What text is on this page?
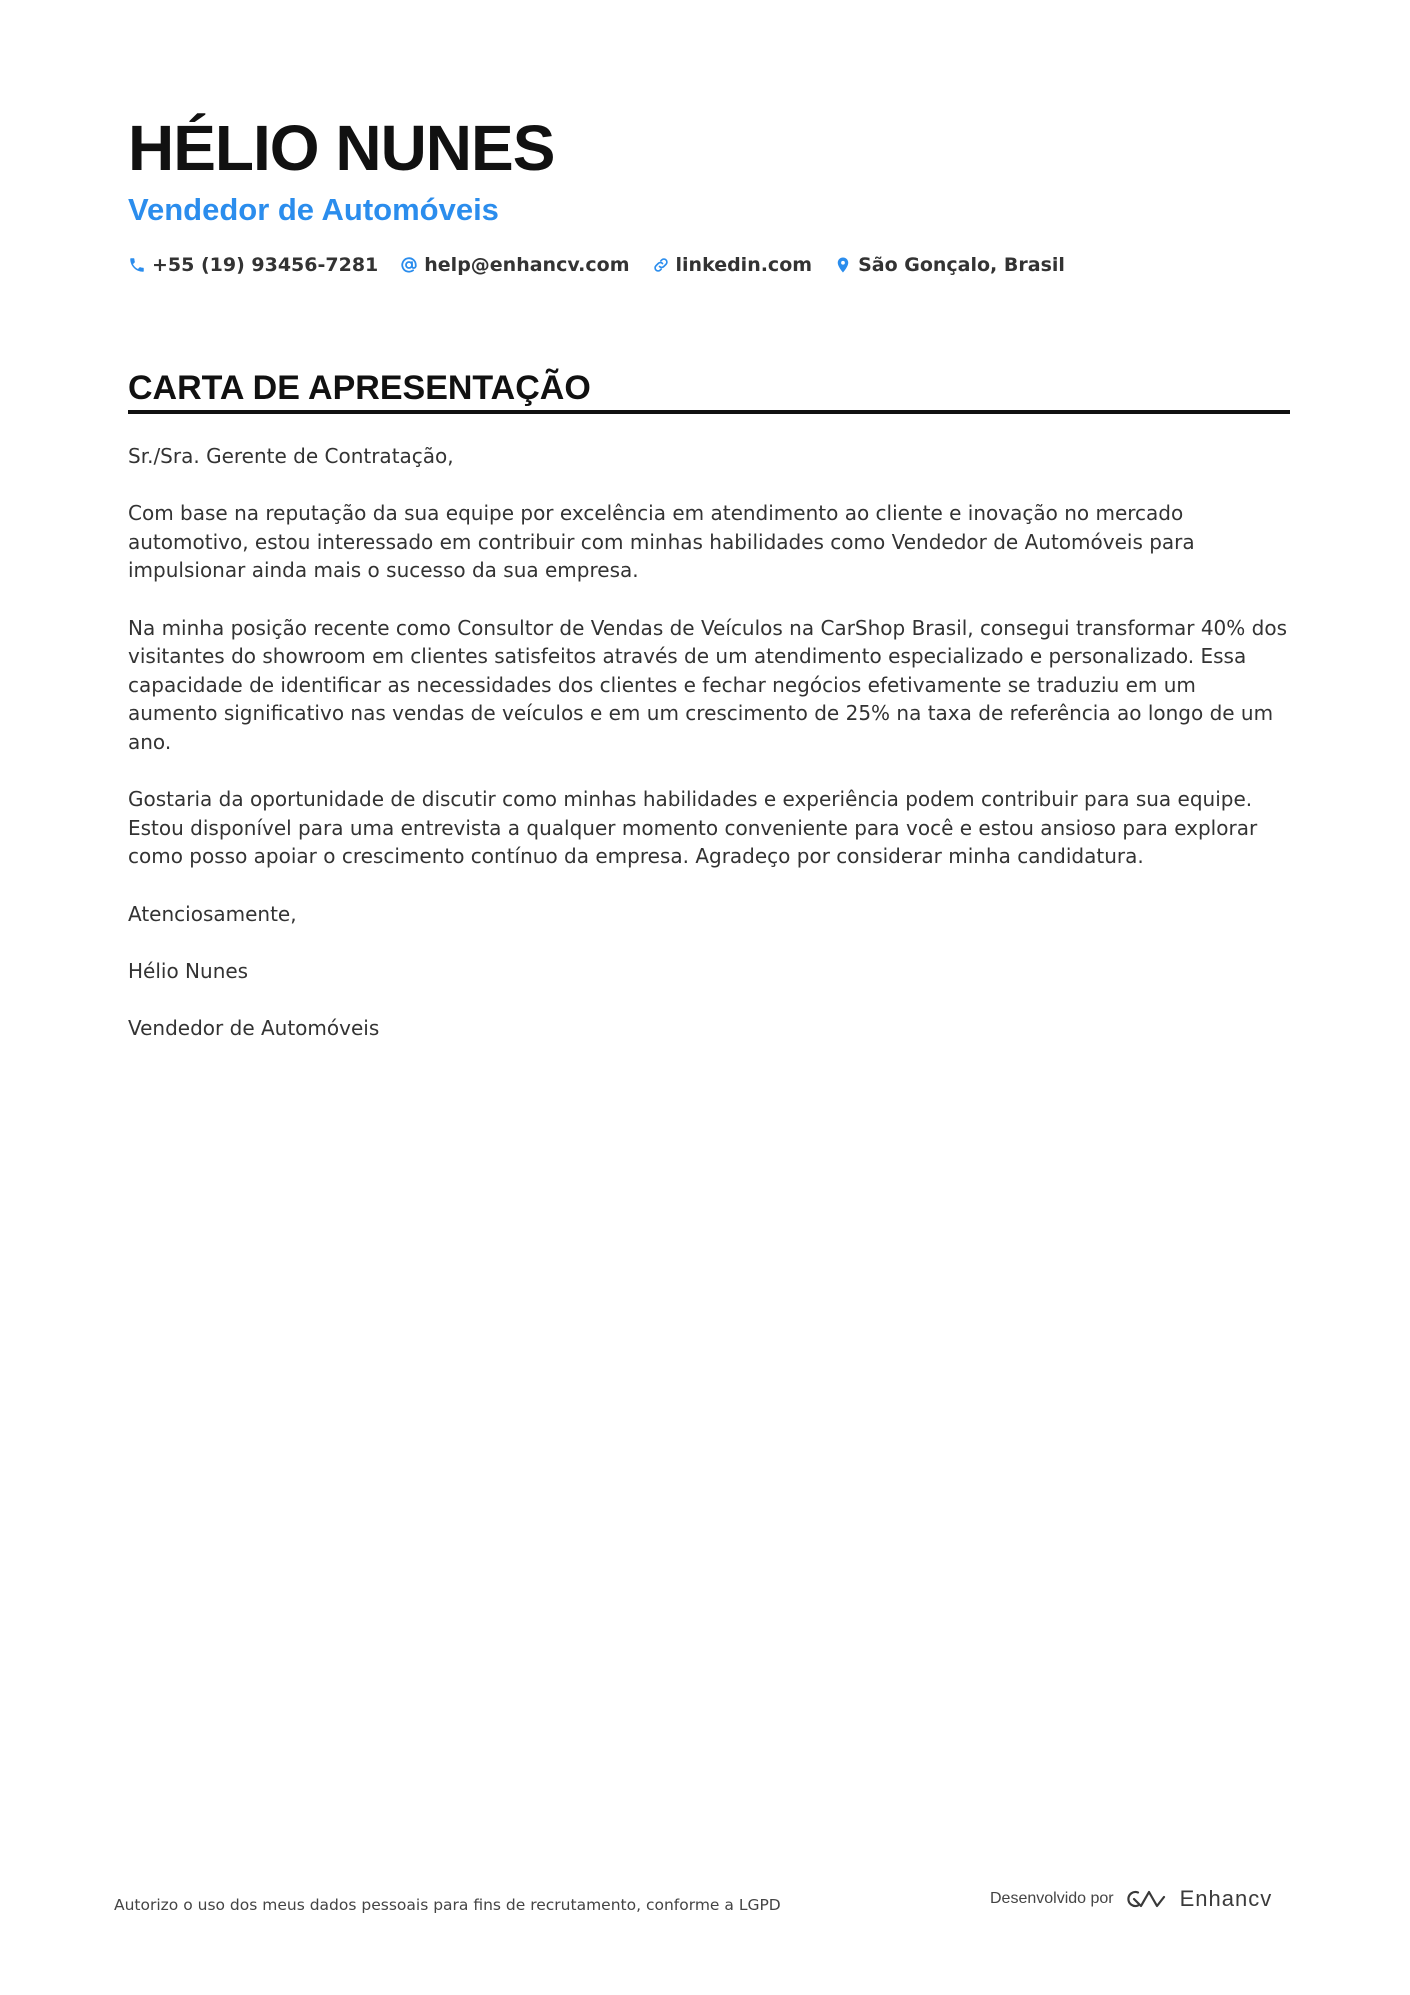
HÉLIO NUNES
Vendedor de Automóveis
+55 (19) 93456-7281 help@enhancv.com linkedin.com São Gonçalo, Brasil
CARTA DE APRESENTAÇÃO

Sr./Sra. Gerente de Contratação,

Com base na reputação da sua equipe por excelência em atendimento ao cliente e inovação no mercado automotivo, estou interessado em contribuir com minhas habilidades como Vendedor de Automóveis para impulsionar ainda mais o sucesso da sua empresa.

Na minha posição recente como Consultor de Vendas de Veículos na CarShop Brasil, consegui transformar 40% dos visitantes do showroom em clientes satisfeitos através de um atendimento especializado e personalizado. Essa capacidade de identificar as necessidades dos clientes e fechar negócios efetivamente se traduziu em um aumento significativo nas vendas de veículos e em um crescimento de 25% na taxa de referência ao longo de um ano.

Gostaria da oportunidade de discutir como minhas habilidades e experiência podem contribuir para sua equipe. Estou disponível para uma entrevista a qualquer momento conveniente para você e estou ansioso para explorar como posso apoiar o crescimento contínuo da empresa. Agradeço por considerar minha candidatura.

Atenciosamente,

Hélio Nunes

Vendedor de Automóveis

Autorizo o uso dos meus dados pessoais para fins de recrutamento, conforme a LGPD	Desenvolvido por	Enhancv
